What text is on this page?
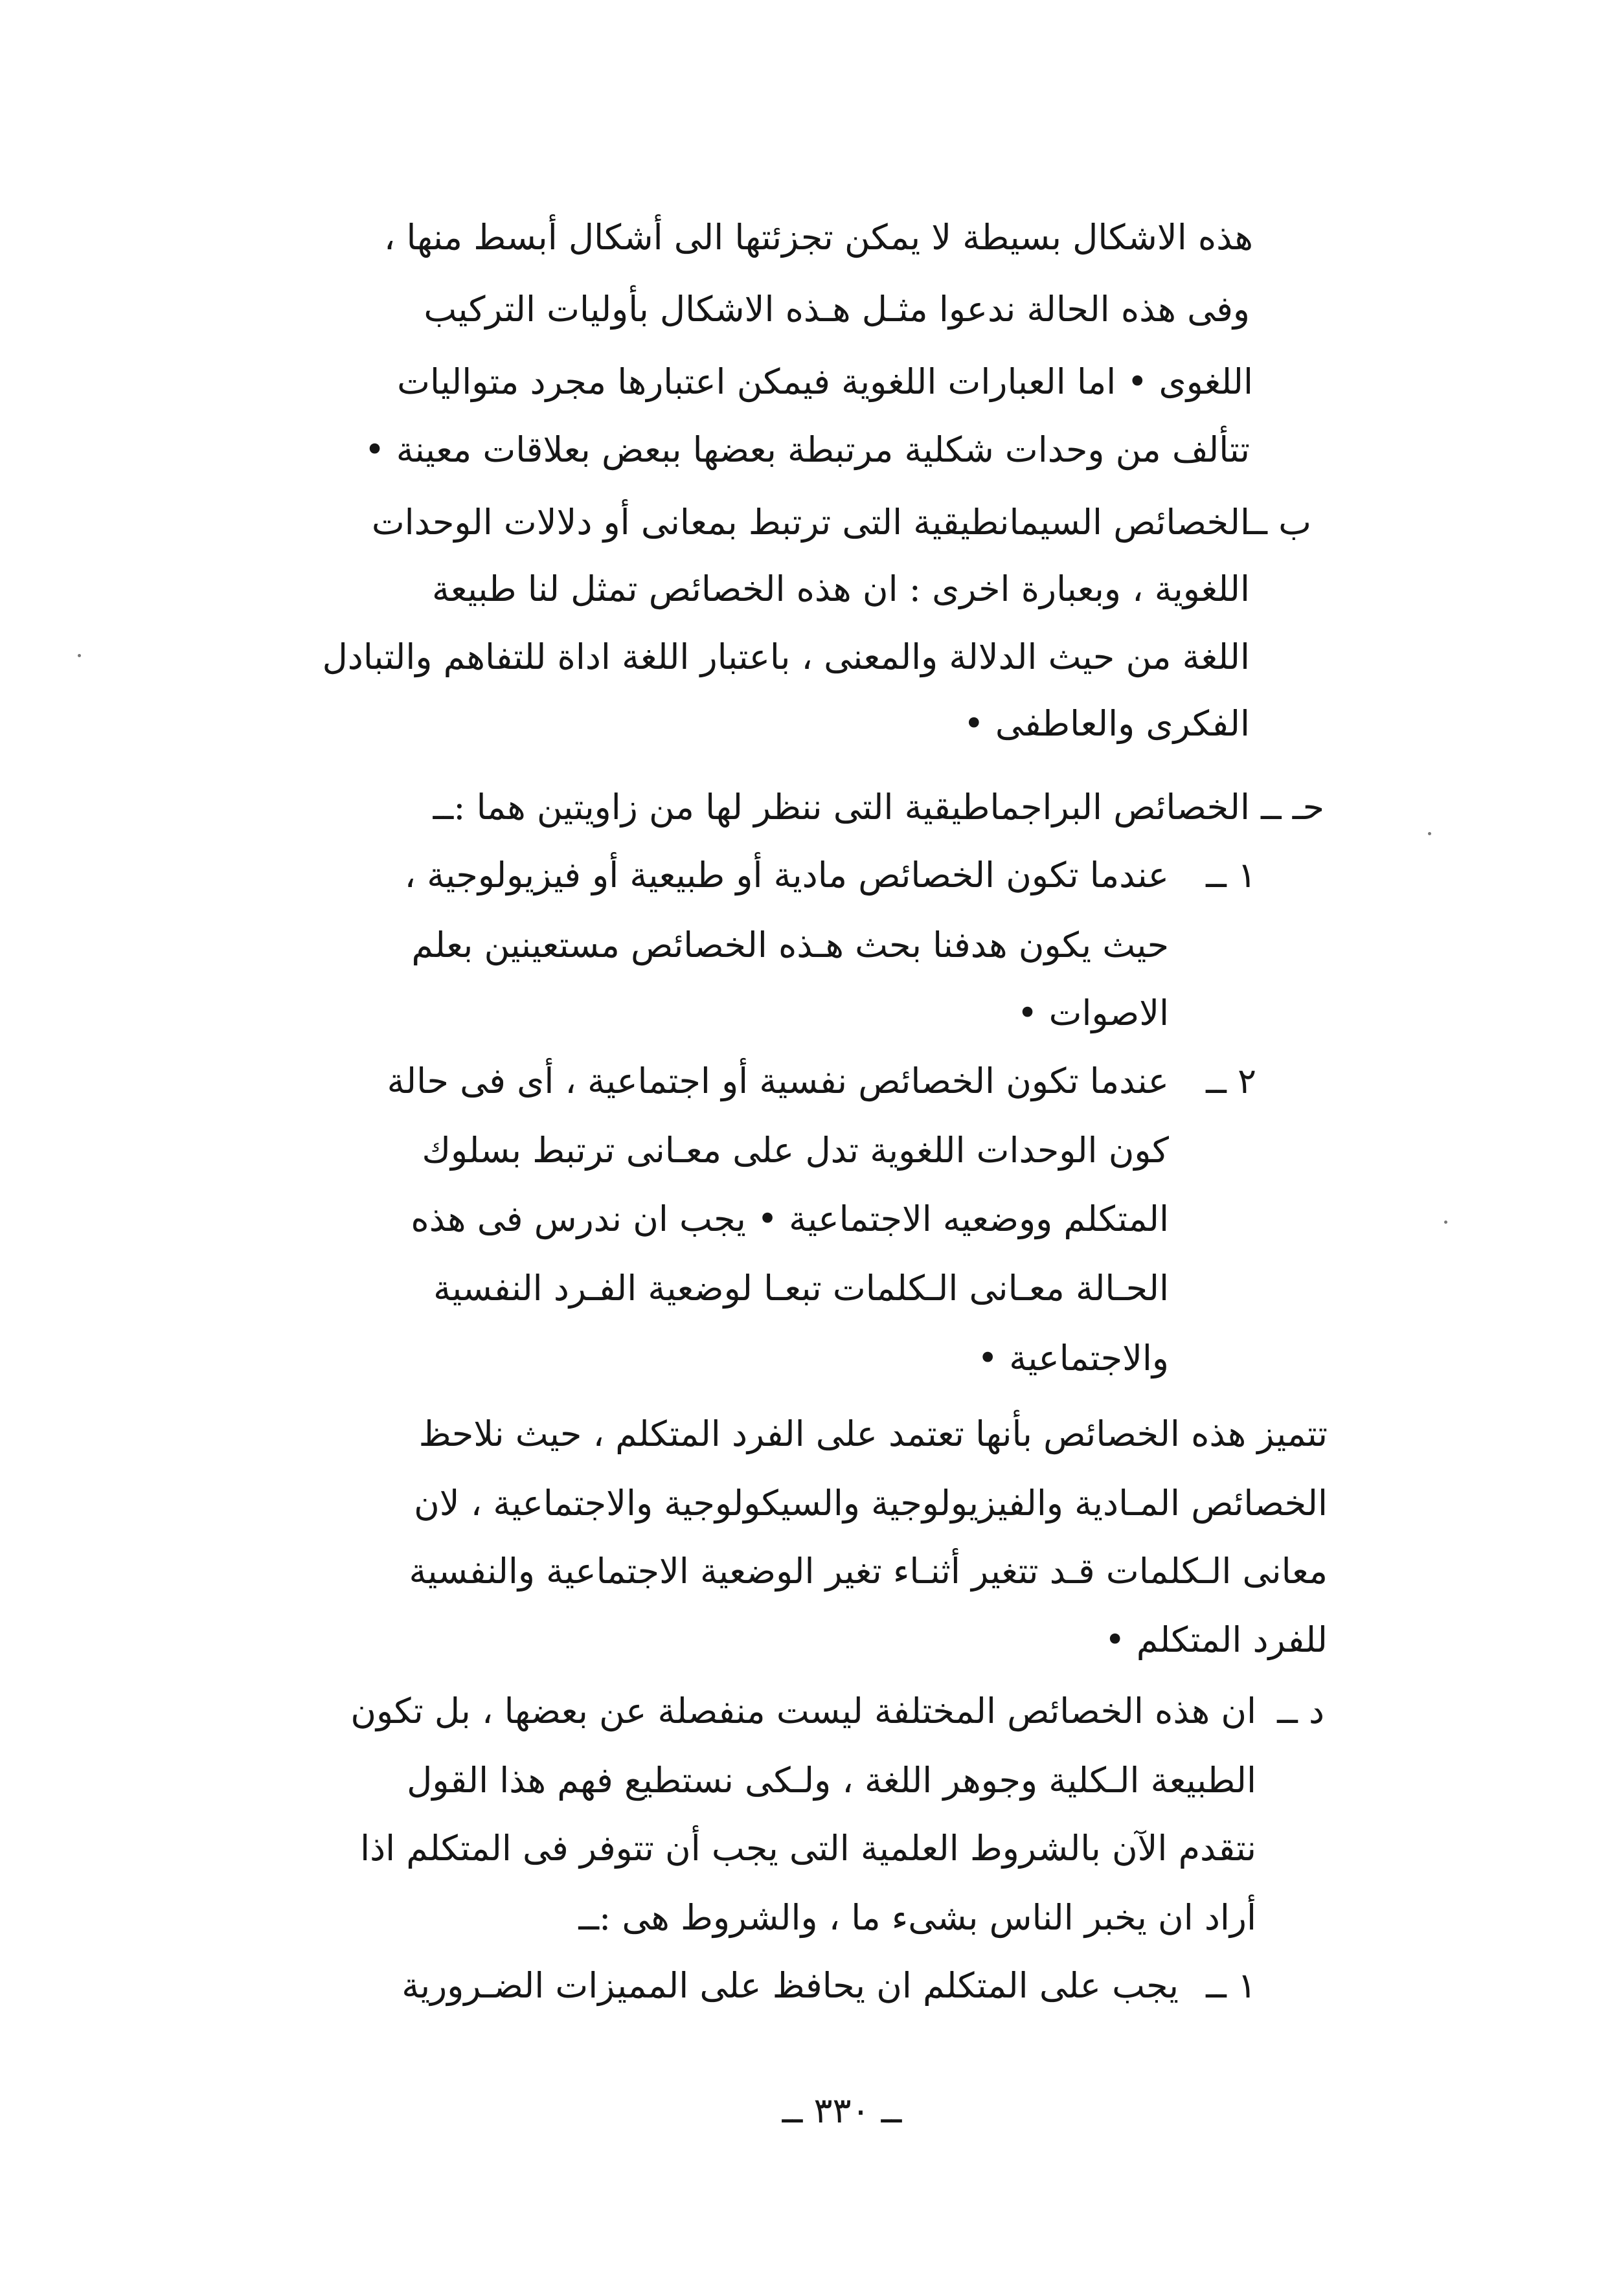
هذه الاشكال بسيطة لا يمكن تجزئتها الى أشكال أبسط منها ،
وفى هذه الحالة ندعوا مثـل هـذه الاشكال بأوليات التركيب
اللغوى • اما العبارات اللغوية فيمكن اعتبارها مجرد متواليات
تتألف من وحدات شكلية مرتبطة بعضها ببعض بعلاقات معينة •
ب ــ
الخصائص السيمانطيقية التى ترتبط بمعانى أو دلالات الوحدات
اللغوية ، وبعبارة اخرى : ان هذه الخصائص تمثل لنا طبيعة
اللغة من حيث الدلالة والمعنى ، باعتبار اللغة اداة للتفاهم والتبادل
الفكرى والعاطفى •
حـ ــ
الخصائص البراجماطيقية التى ننظر لها من زاويتين هما :ــ
١ ــ
عندما تكون الخصائص مادية أو طبيعية أو فيزيولوجية ،
حيث يكون هدفنا بحث هـذه الخصائص مستعينين بعلم
الاصوات •
٢ ــ
عندما تكون الخصائص نفسية أو اجتماعية ، أى فى حالة
كون الوحدات اللغوية تدل على معـانى ترتبط بسلوك
المتكلم ووضعيه الاجتماعية • يجب ان ندرس فى هذه
الحـالة معـانى الـكلمات تبعـا لوضعية الفـرد النفسية
والاجتماعية •
تتميز هذه الخصائص بأنها تعتمد على الفرد المتكلم ، حيث نلاحظ
الخصائص المـادية والفيزيولوجية والسيكولوجية والاجتماعية ، لان
معانى الـكلمات قـد تتغير أثنـاء تغير الوضعية الاجتماعية والنفسية
للفرد المتكلم •
د ــ
ان هذه الخصائص المختلفة ليست منفصلة عن بعضها ، بل تكون
الطبيعة الـكلية وجوهر اللغة ، ولـكى نستطيع فهم هذا القول
نتقدم الآن بالشروط العلمية التى يجب أن تتوفر فى المتكلم اذا
أراد ان يخبر الناس بشىء ما ، والشروط هى :ــ
١ ــ
يجب على المتكلم ان يحافظ على المميزات الضـرورية
ــ ٣٣٠ ــ
